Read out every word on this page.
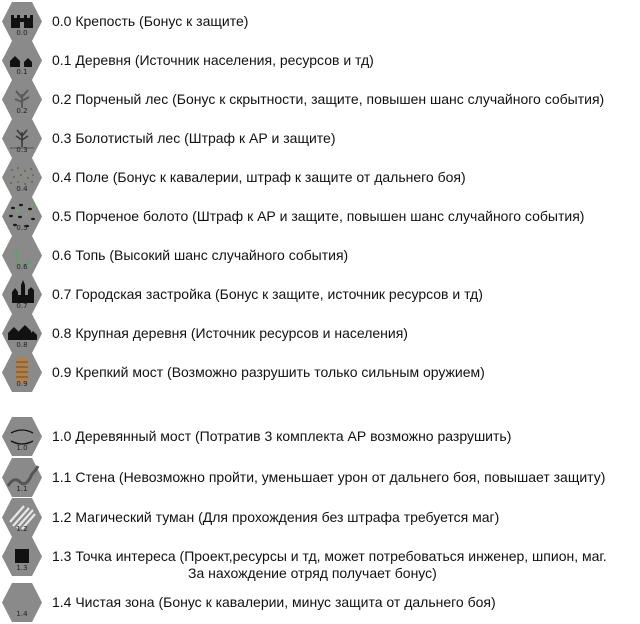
0.0
0.0 Крепость (Бонус к защите)
0.1
0.1 Деревня (Источник населения, ресурсов и тд)
0.2
0.2 Порченый лес (Бонус к скрытности, защите, повышен шанс случайного события)
0.3
0.3 Болотистый лес (Штраф к АР и защите)
0.4
0.4 Поле (Бонус к кавалерии, штраф к защите от дальнего боя)
0.5
0.5 Порченое болото (Штраф к АР и защите, повышен шанс случайного события)
0.6
0.6 Топь (Высокий шанс случайного события)
0.7
0.7 Городская застройка (Бонус к защите, источник ресурсов и тд)
0.8
0.8 Крупная деревня (Источник ресурсов и населения)
0.9
0.9 Крепкий мост (Возможно разрушить только сильным оружием)
1.0
1.0 Деревянный мост (Потратив 3 комплекта АР возможно разрушить)
1.1
1.1 Стена (Невозможно пройти, уменьшает урон от дальнего боя, повышает защиту)
1.2
1.2 Магический туман (Для прохождения без штрафа требуется маг)
1.3
1.3 Точка интереса (Проект,ресурсы и тд, может потребоваться инженер, шпион, маг.
За нахождение отряд получает бонус)
1.4
1.4 Чистая зона (Бонус к кавалерии, минус защита от дальнего боя)
